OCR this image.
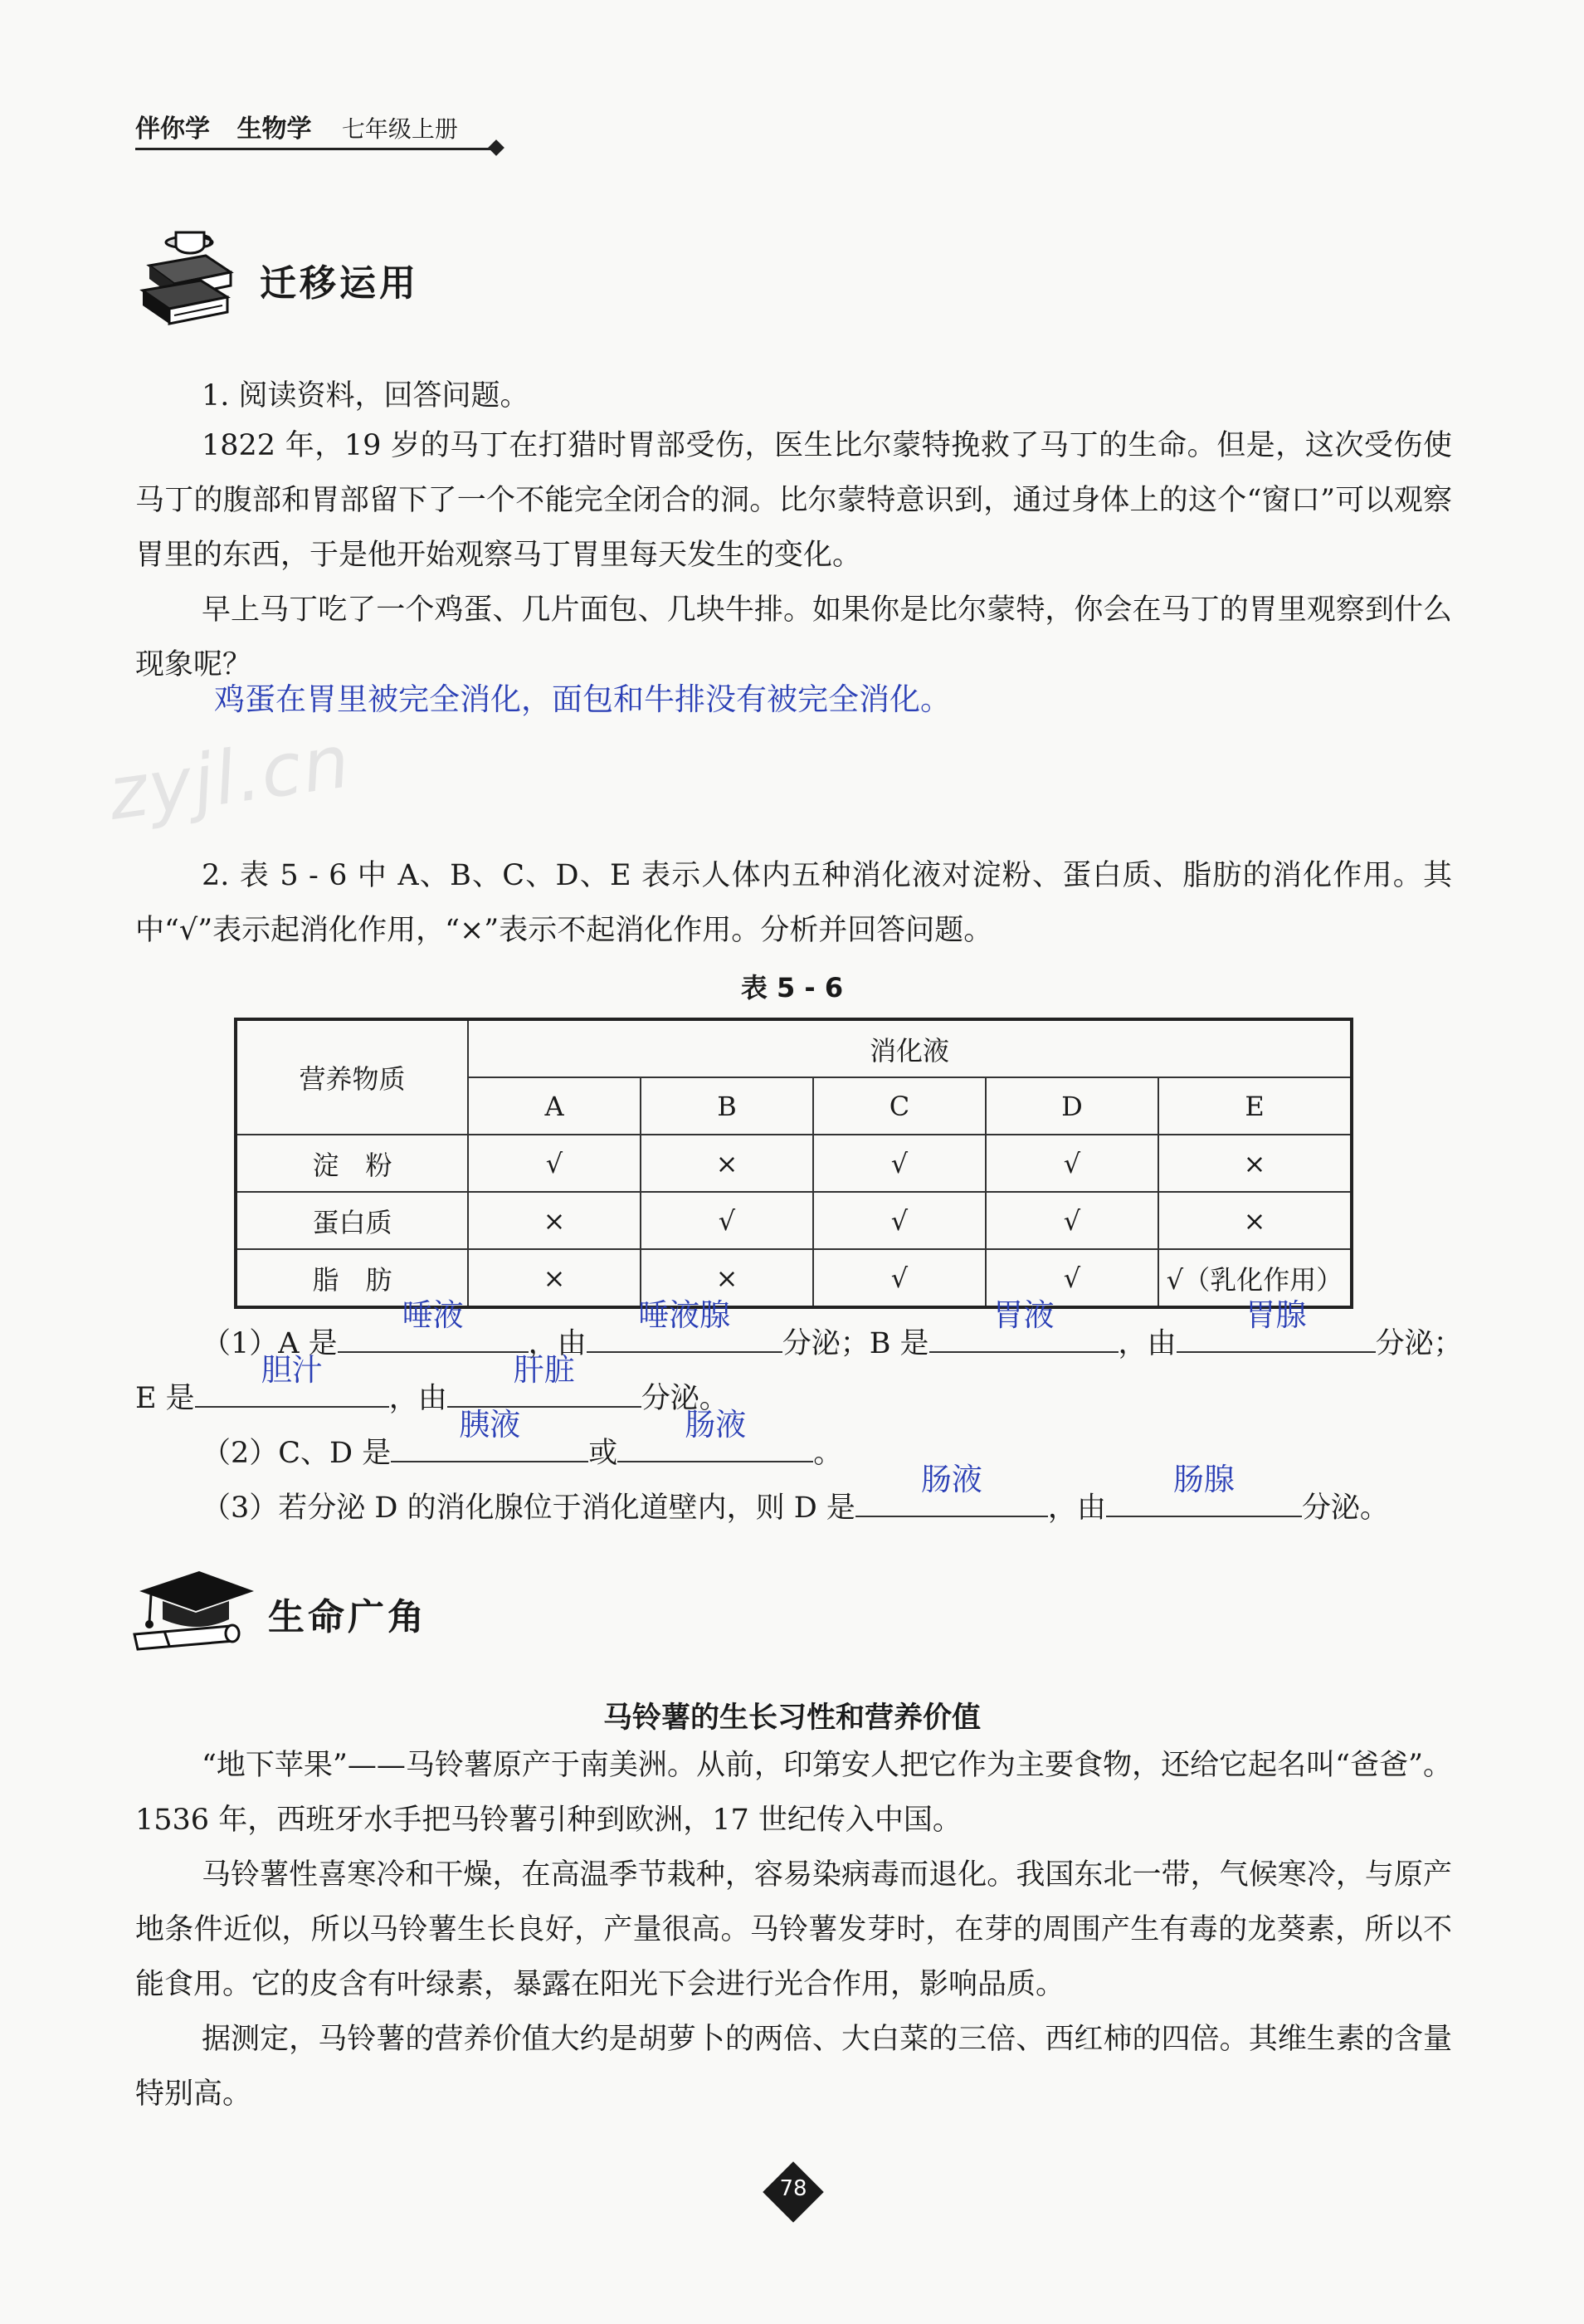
伴你学 生物学 七年级上册
迁移运用
1. 阅读资料，回答问题。
1822 年，19 岁的马丁在打猎时胃部受伤，医生比尔蒙特挽救了马丁的生命。但是，这次受伤使马丁的腹部和胃部留下了一个不能完全闭合的洞。比尔蒙特意识到，通过身体上的这个“窗口”可以观察胃里的东西，于是他开始观察马丁胃里每天发生的变化。
早上马丁吃了一个鸡蛋、几片面包、几块牛排。如果你是比尔蒙特，你会在马丁的胃里观察到什么现象呢？
鸡蛋在胃里被完全消化，面包和牛排没有被完全消化。
zyjl.cn
2. 表 5 - 6 中 A、B、C、D、E 表示人体内五种消化液对淀粉、蛋白质、脂肪的消化作用。其中“√”表示起消化作用，“×”表示不起消化作用。分析并回答问题。
表 5 - 6
营养物质	消化液				
	A	B	C	D	E
淀　粉	√	×	√	√	×
蛋白质	×	√	√	√	×
脂　肪	×	×	√	√	√（乳化作用）
（1）A 是
唾液
，由
唾液腺
分泌；B 是
胃液
，由
胃腺
分泌；
E 是
胆汁
，由
肝脏
分泌。
（2）C、D 是
胰液
或
肠液
。
（3）若分泌 D 的消化腺位于消化道壁内，则 D 是
肠液
，由
肠腺
分泌。
生命广角
马铃薯的生长习性和营养价值
“地下苹果”——马铃薯原产于南美洲。从前，印第安人把它作为主要食物，还给它起名叫“爸爸”。1536 年，西班牙水手把马铃薯引种到欧洲，17 世纪传入中国。
马铃薯性喜寒冷和干燥，在高温季节栽种，容易染病毒而退化。我国东北一带，气候寒冷，与原产地条件近似，所以马铃薯生长良好，产量很高。马铃薯发芽时，在芽的周围产生有毒的龙葵素，所以不能食用。它的皮含有叶绿素，暴露在阳光下会进行光合作用，影响品质。
据测定，马铃薯的营养价值大约是胡萝卜的两倍、大白菜的三倍、西红柿的四倍。其维生素的含量特别高。
78
